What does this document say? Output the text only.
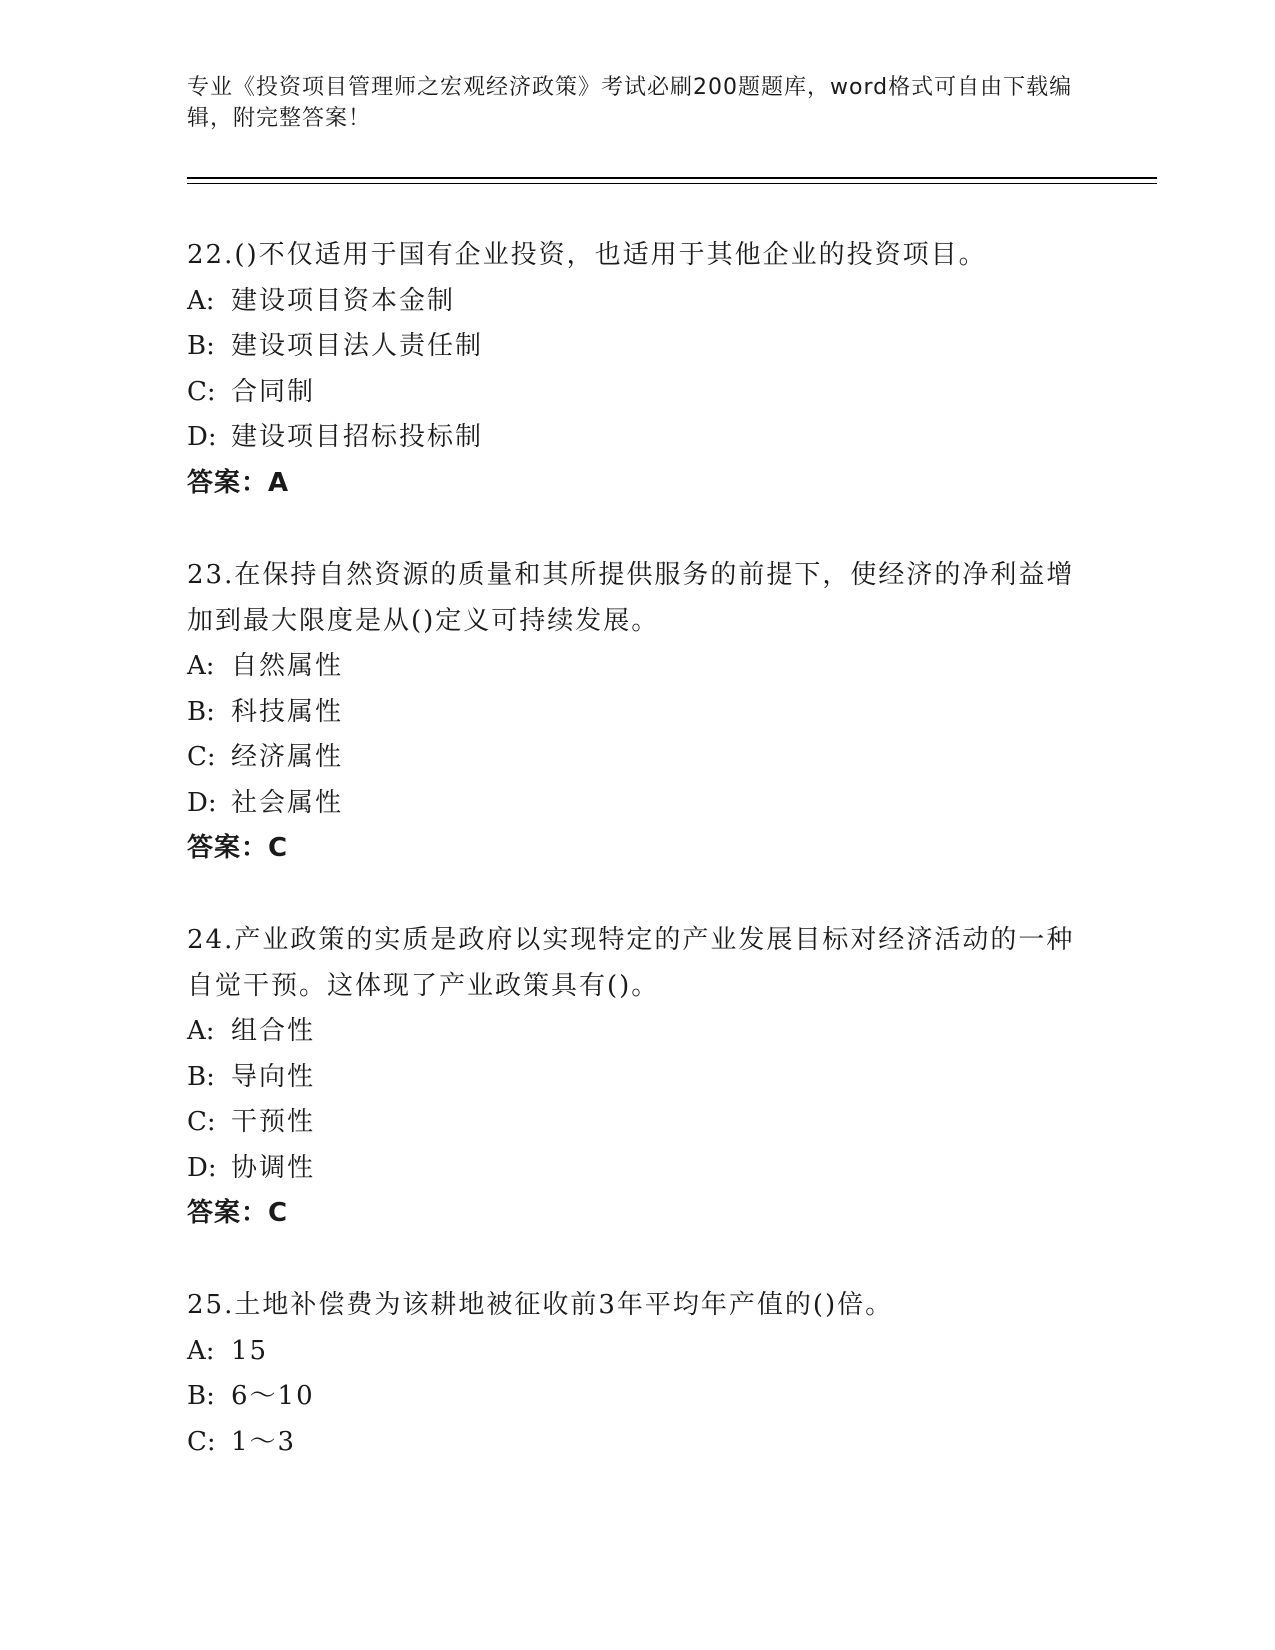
专业《投资项目管理师之宏观经济政策》考试必刷200题题库，word格式可自由下载编辑，附完整答案！
22.()不仅适用于国有企业投资，也适用于其他企业的投资项目。
A: 建设项目资本金制
B: 建设项目法人责任制
C: 合同制
D: 建设项目招标投标制
答案：A
23.在保持自然资源的质量和其所提供服务的前提下，使经济的净利益增加到最大限度是从()定义可持续发展。
A: 自然属性
B: 科技属性
C: 经济属性
D: 社会属性
答案：C
24.产业政策的实质是政府以实现特定的产业发展目标对经济活动的一种自觉干预。这体现了产业政策具有()。
A: 组合性
B: 导向性
C: 干预性
D: 协调性
答案：C
25.土地补偿费为该耕地被征收前3年平均年产值的()倍。
A: 15
B: 6～10
C: 1～3
